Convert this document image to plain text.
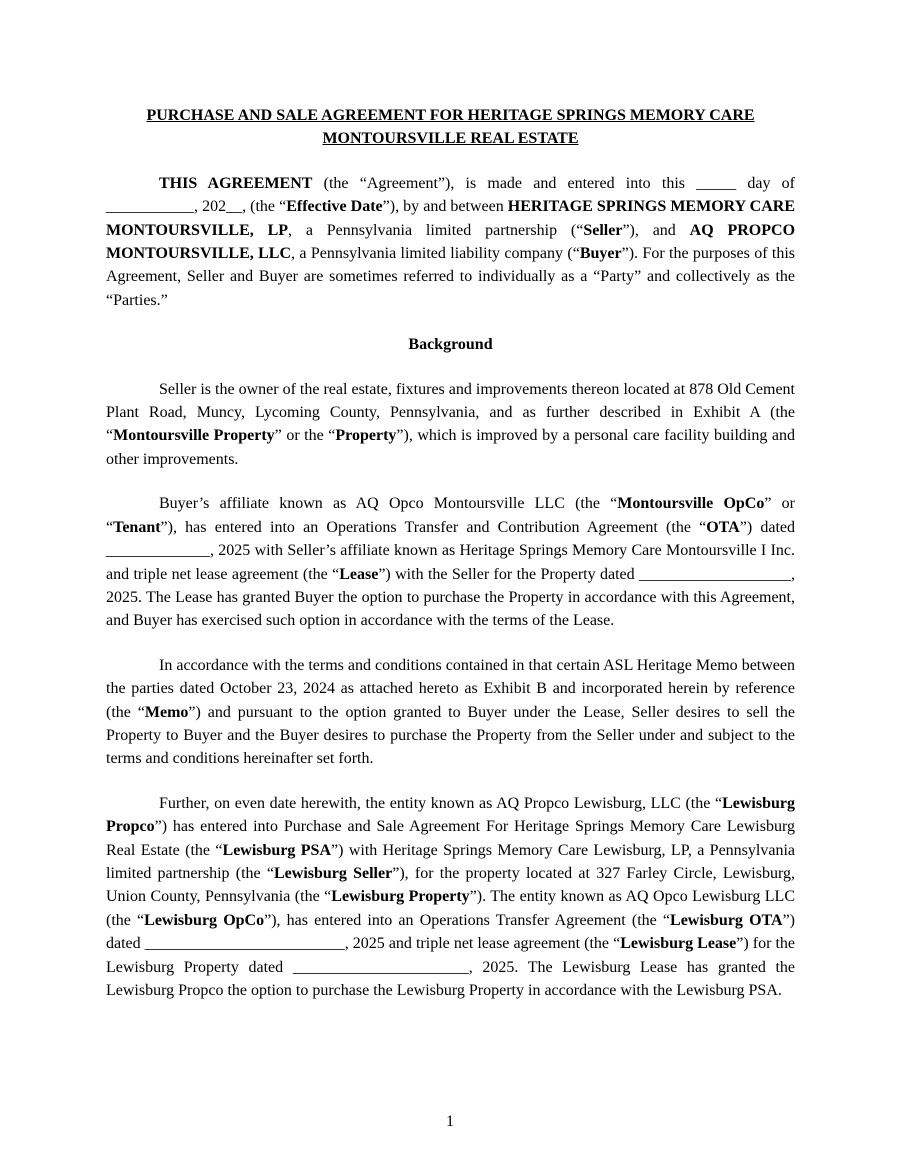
PURCHASE AND SALE AGREEMENT FOR HERITAGE SPRINGS MEMORY CARE
MONTOURSVILLE REAL ESTATE

THIS AGREEMENT (the “Agreement”), is made and entered into this _____ day of ___________, 202__, (the “Effective Date”), by and between HERITAGE SPRINGS MEMORY CARE MONTOURSVILLE, LP, a Pennsylvania limited partnership (“Seller”), and AQ PROPCO MONTOURSVILLE, LLC, a Pennsylvania limited liability company (“Buyer”). For the purposes of this Agreement, Seller and Buyer are sometimes referred to individually as a “Party” and collectively as the “Parties.”

Background

Seller is the owner of the real estate, fixtures and improvements thereon located at 878 Old Cement Plant Road, Muncy, Lycoming County, Pennsylvania, and as further described in Exhibit A (the “Montoursville Property” or the “Property”), which is improved by a personal care facility building and other improvements.

Buyer’s affiliate known as AQ Opco Montoursville LLC (the “Montoursville OpCo” or “Tenant”), has entered into an Operations Transfer and Contribution Agreement (the “OTA”) dated _____________, 2025 with Seller’s affiliate known as Heritage Springs Memory Care Montoursville I Inc. and triple net lease agreement (the “Lease”) with the Seller for the Property dated ___________________, 2025. The Lease has granted Buyer the option to purchase the Property in accordance with this Agreement, and Buyer has exercised such option in accordance with the terms of the Lease.

In accordance with the terms and conditions contained in that certain ASL Heritage Memo between the parties dated October 23, 2024 as attached hereto as Exhibit B and incorporated herein by reference (the “Memo”) and pursuant to the option granted to Buyer under the Lease, Seller desires to sell the Property to Buyer and the Buyer desires to purchase the Property from the Seller under and subject to the terms and conditions hereinafter set forth.

Further, on even date herewith, the entity known as AQ Propco Lewisburg, LLC (the “Lewisburg Propco”) has entered into Purchase and Sale Agreement For Heritage Springs Memory Care Lewisburg Real Estate (the “Lewisburg PSA”) with Heritage Springs Memory Care Lewisburg, LP, a Pennsylvania limited partnership (the “Lewisburg Seller”), for the property located at 327 Farley Circle, Lewisburg, Union County, Pennsylvania (the “Lewisburg Property”). The entity known as AQ Opco Lewisburg LLC (the “Lewisburg OpCo”), has entered into an Operations Transfer Agreement (the “Lewisburg OTA”) dated _________________________, 2025 and triple net lease agreement (the “Lewisburg Lease”) for the Lewisburg Property dated ______________________, 2025. The Lewisburg Lease has granted the Lewisburg Propco the option to purchase the Lewisburg Property in accordance with the Lewisburg PSA.

1
